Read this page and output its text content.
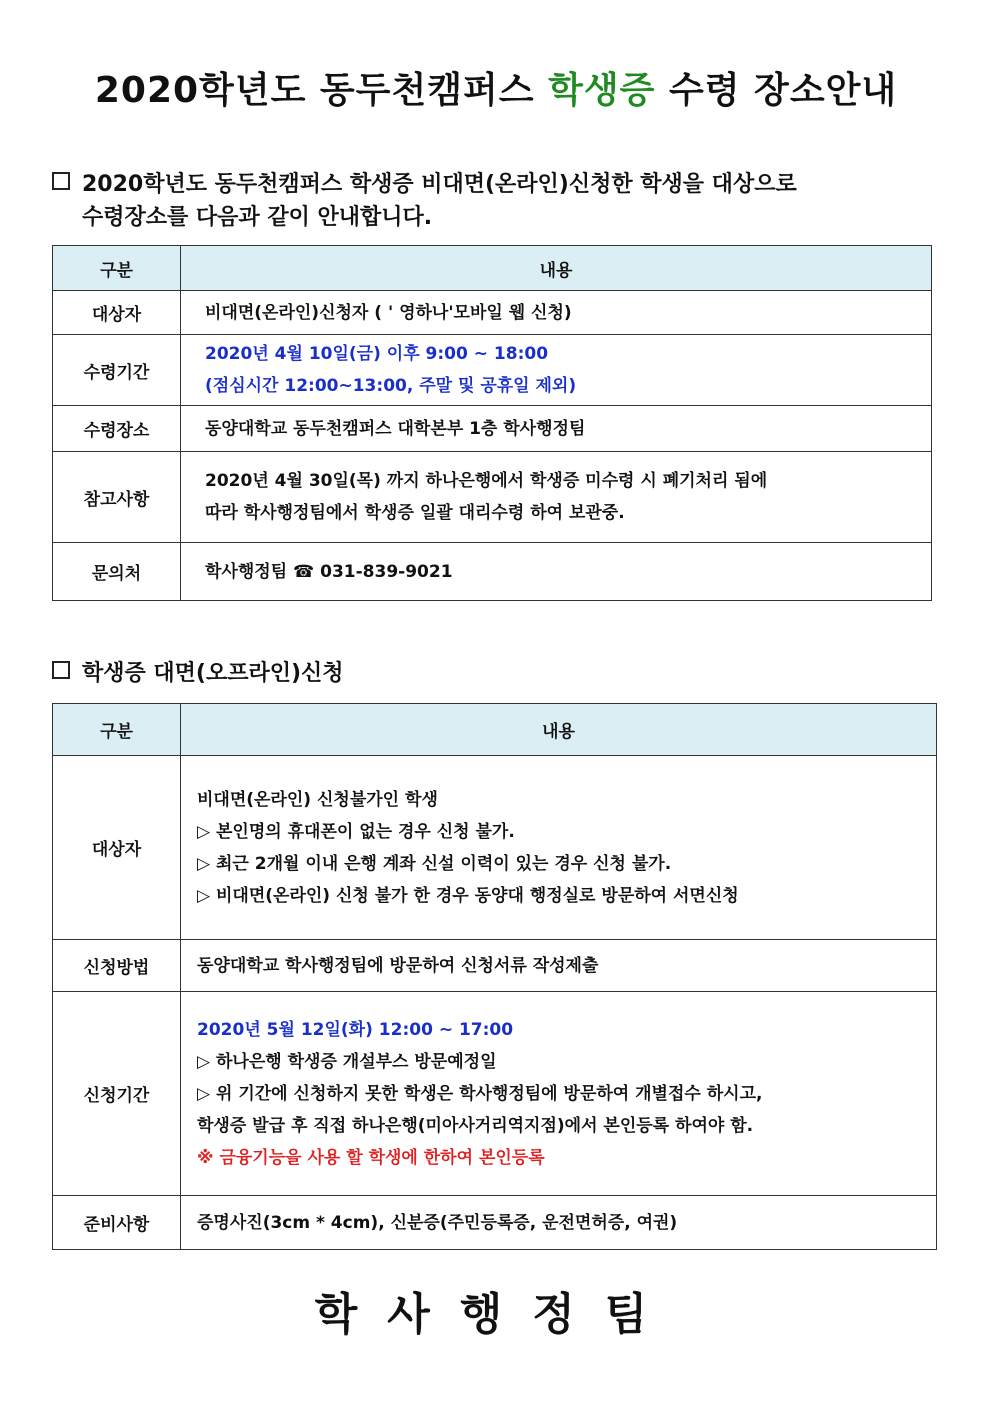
2020학년도 동두천캠퍼스 학생증 수령 장소안내
2020학년도 동두천캠퍼스 학생증 비대면(온라인)신청한 학생을 대상으로
수령장소를 다음과 같이 안내합니다.
구분	내용
대상자	비대면(온라인)신청자 ( ' 영하나'모바일 웹 신청)

수령기간	2020년 4월 10일(금) 이후 9:00 ~ 18:00
(점심시간 12:00~13:00, 주말 및 공휴일 제외)

수령장소	동양대학교 동두천캠퍼스 대학본부 1층 학사행정팀

참고사항	2020년 4월 30일(목) 까지 하나은행에서 학생증 미수령 시 폐기처리 됨에
따라 학사행정팀에서 학생증 일괄 대리수령 하여 보관중.

문의처	학사행정팀 ☎ 031-839-9021
학생증 대면(오프라인)신청
구분	내용
대상자	비대면(온라인) 신청불가인 학생
▷ 본인명의 휴대폰이 없는 경우 신청 불가.
▷ 최근 2개월 이내 은행 계좌 신설 이력이 있는 경우 신청 불가.
▷ 비대면(온라인) 신청 불가 한 경우 동양대 행정실로 방문하여 서면신청

신청방법	동양대학교 학사행정팀에 방문하여 신청서류 작성제출

신청기간	2020년 5월 12일(화) 12:00 ~ 17:00
▷ 하나은행 학생증 개설부스 방문예정일
▷ 위 기간에 신청하지 못한 학생은 학사행정팀에 방문하여 개별접수 하시고,
학생증 발급 후 직접 하나은행(미아사거리역지점)에서 본인등록 하여야 함.
※ 금융기능을 사용 할 학생에 한하여 본인등록

준비사항	증명사진(3cm * 4cm), 신분증(주민등록증, 운전면허증, 여권)
학사행정팀
